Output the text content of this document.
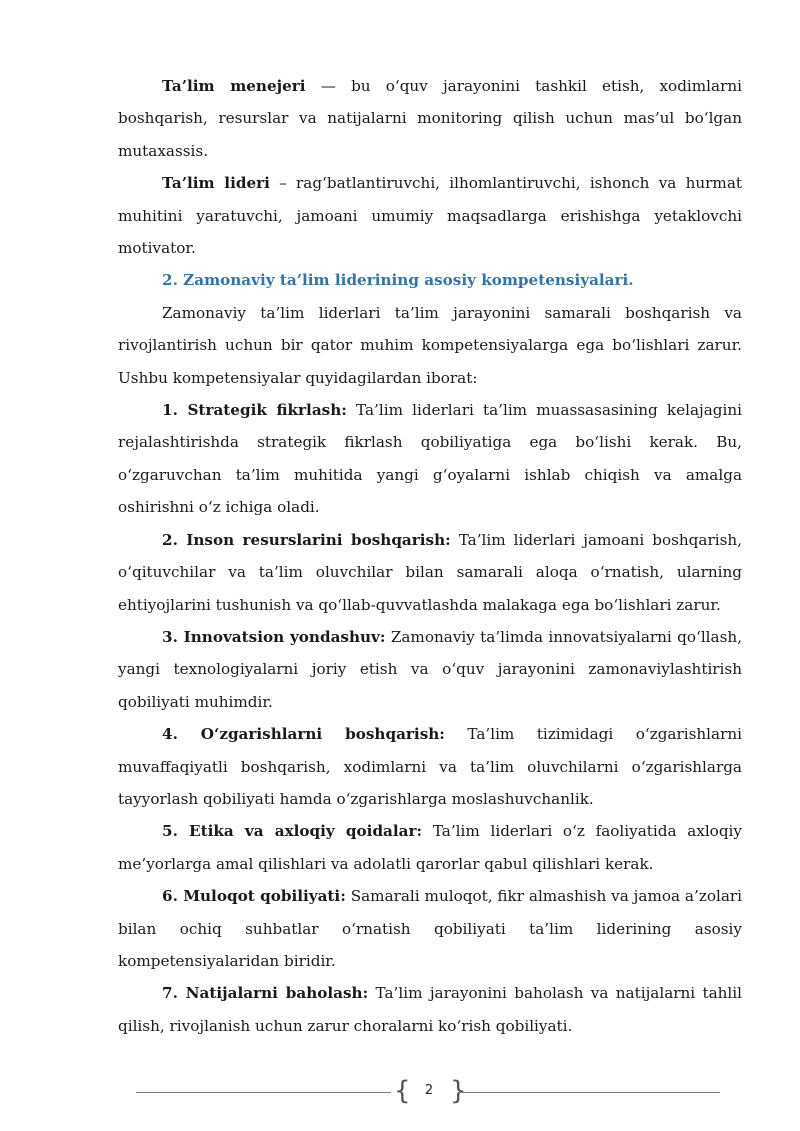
Ta’lim menejeri — bu o‘quv jarayonini tashkil etish, xodimlarni boshqarish, resurslar va natijalarni monitoring qilish uchun mas’ul bo‘lgan mutaxassis.

Ta’lim lideri – rag‘batlantiruvchi, ilhomlantiruvchi, ishonch va hurmat muhitini yaratuvchi, jamoani umumiy maqsadlarga erishishga yetaklovchi motivator.

2. Zamonaviy ta’lim liderining asosiy kompetensiyalari.

Zamonaviy ta’lim liderlari ta’lim jarayonini samarali boshqarish va rivojlantirish uchun bir qator muhim kompetensiyalarga ega bo‘lishlari zarur. Ushbu kompetensiyalar quyidagilardan iborat:

1. Strategik fikrlash: Ta’lim liderlari ta’lim muassasasining kelajagini rejalashtirishda strategik fikrlash qobiliyatiga ega bo‘lishi kerak. Bu, o‘zgaruvchan ta’lim muhitida yangi g‘oyalarni ishlab chiqish va amalga oshirishni o‘z ichiga oladi.

2. Inson resurslarini boshqarish: Ta’lim liderlari jamoani boshqarish, o‘qituvchilar va ta’lim oluvchilar bilan samarali aloqa o‘rnatish, ularning ehtiyojlarini tushunish va qo‘llab-quvvatlashda malakaga ega bo‘lishlari zarur.

3. Innovatsion yondashuv: Zamonaviy ta’limda innovatsiyalarni qo‘llash, yangi texnologiyalarni joriy etish va o‘quv jarayonini zamonaviylashtirish qobiliyati muhimdir.

4. O‘zgarishlarni boshqarish: Ta’lim tizimidagi o‘zgarishlarni muvaffaqiyatli boshqarish, xodimlarni va ta’lim oluvchilarni o‘zgarishlarga tayyorlash qobiliyati hamda o‘zgarishlarga moslashuvchanlik.

5. Etika va axloqiy qoidalar: Ta’lim liderlari o‘z faoliyatida axloqiy me’yorlarga amal qilishlari va adolatli qarorlar qabul qilishlari kerak.

6. Muloqot qobiliyati: Samarali muloqot, fikr almashish va jamoa a’zolari bilan ochiq suhbatlar o‘rnatish qobiliyati ta’lim liderining asosiy kompetensiyalaridan biridir.

7. Natijalarni baholash: Ta’lim jarayonini baholash va natijalarni tahlil qilish, rivojlanish uchun zarur choralarni ko‘rish qobiliyati.

{	2 }
